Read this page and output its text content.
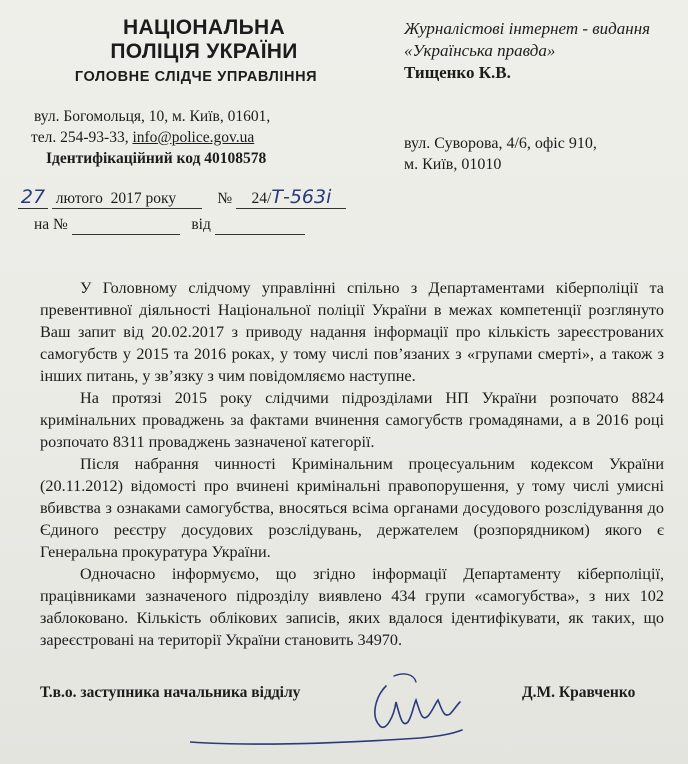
НАЦІОНАЛЬНА
ПОЛІЦІЯ УКРАЇНИ
ГОЛОВНЕ СЛІДЧЕ УПРАВЛІННЯ
вул. Богомольця, 10, м. Київ, 01601,
тел. 254-93-33, info@police.gov.ua
Ідентифікаційний код 40108578
Журналістові інтернет - видання
«Українська правда»
Тищенко К.В.
вул. Суворова, 4/6, офіс 910,
м. Київ, 01010
27 лютого 2017 року	№ 24/Т-563і
на №	від

У Головному слідчому управлінні спільно з Департаментами кіберполіції та превентивної діяльності Національної поліції України в межах компетенції розглянуто Ваш запит від 20.02.2017 з приводу надання інформації про кількість зареєстрованих самогубств у 2015 та 2016 роках, у тому числі пов’язаних з «групами смерті», а також з інших питань, у зв’язку з чим повідомляємо наступне.

На протязі 2015 року слідчими підрозділами НП України розпочато 8824 кримінальних проваджень за фактами вчинення самогубств громадянами, а в 2016 році розпочато 8311 проваджень зазначеної категорії.

Після набрання чинності Кримінальним процесуальним кодексом України (20.11.2012) відомості про вчинені кримінальні правопорушення, у тому числі умисні вбивства з ознаками самогубства, вносяться всіма органами досудового розслідування до Єдиного реєстру досудових розслідувань, держателем (розпорядником) якого є Генеральна прокуратура України.

Одночасно інформуємо, що згідно інформації Департаменту кіберполіції, працівниками зазначеного підрозділу виявлено 434 групи «самогубства», з них 102 заблоковано. Кількість облікових записів, яких вдалося ідентифікувати, як таких, що зареєстровані на території України становить 34970.

Т.в.о. заступника начальника відділу	Д.М. Кравченко
